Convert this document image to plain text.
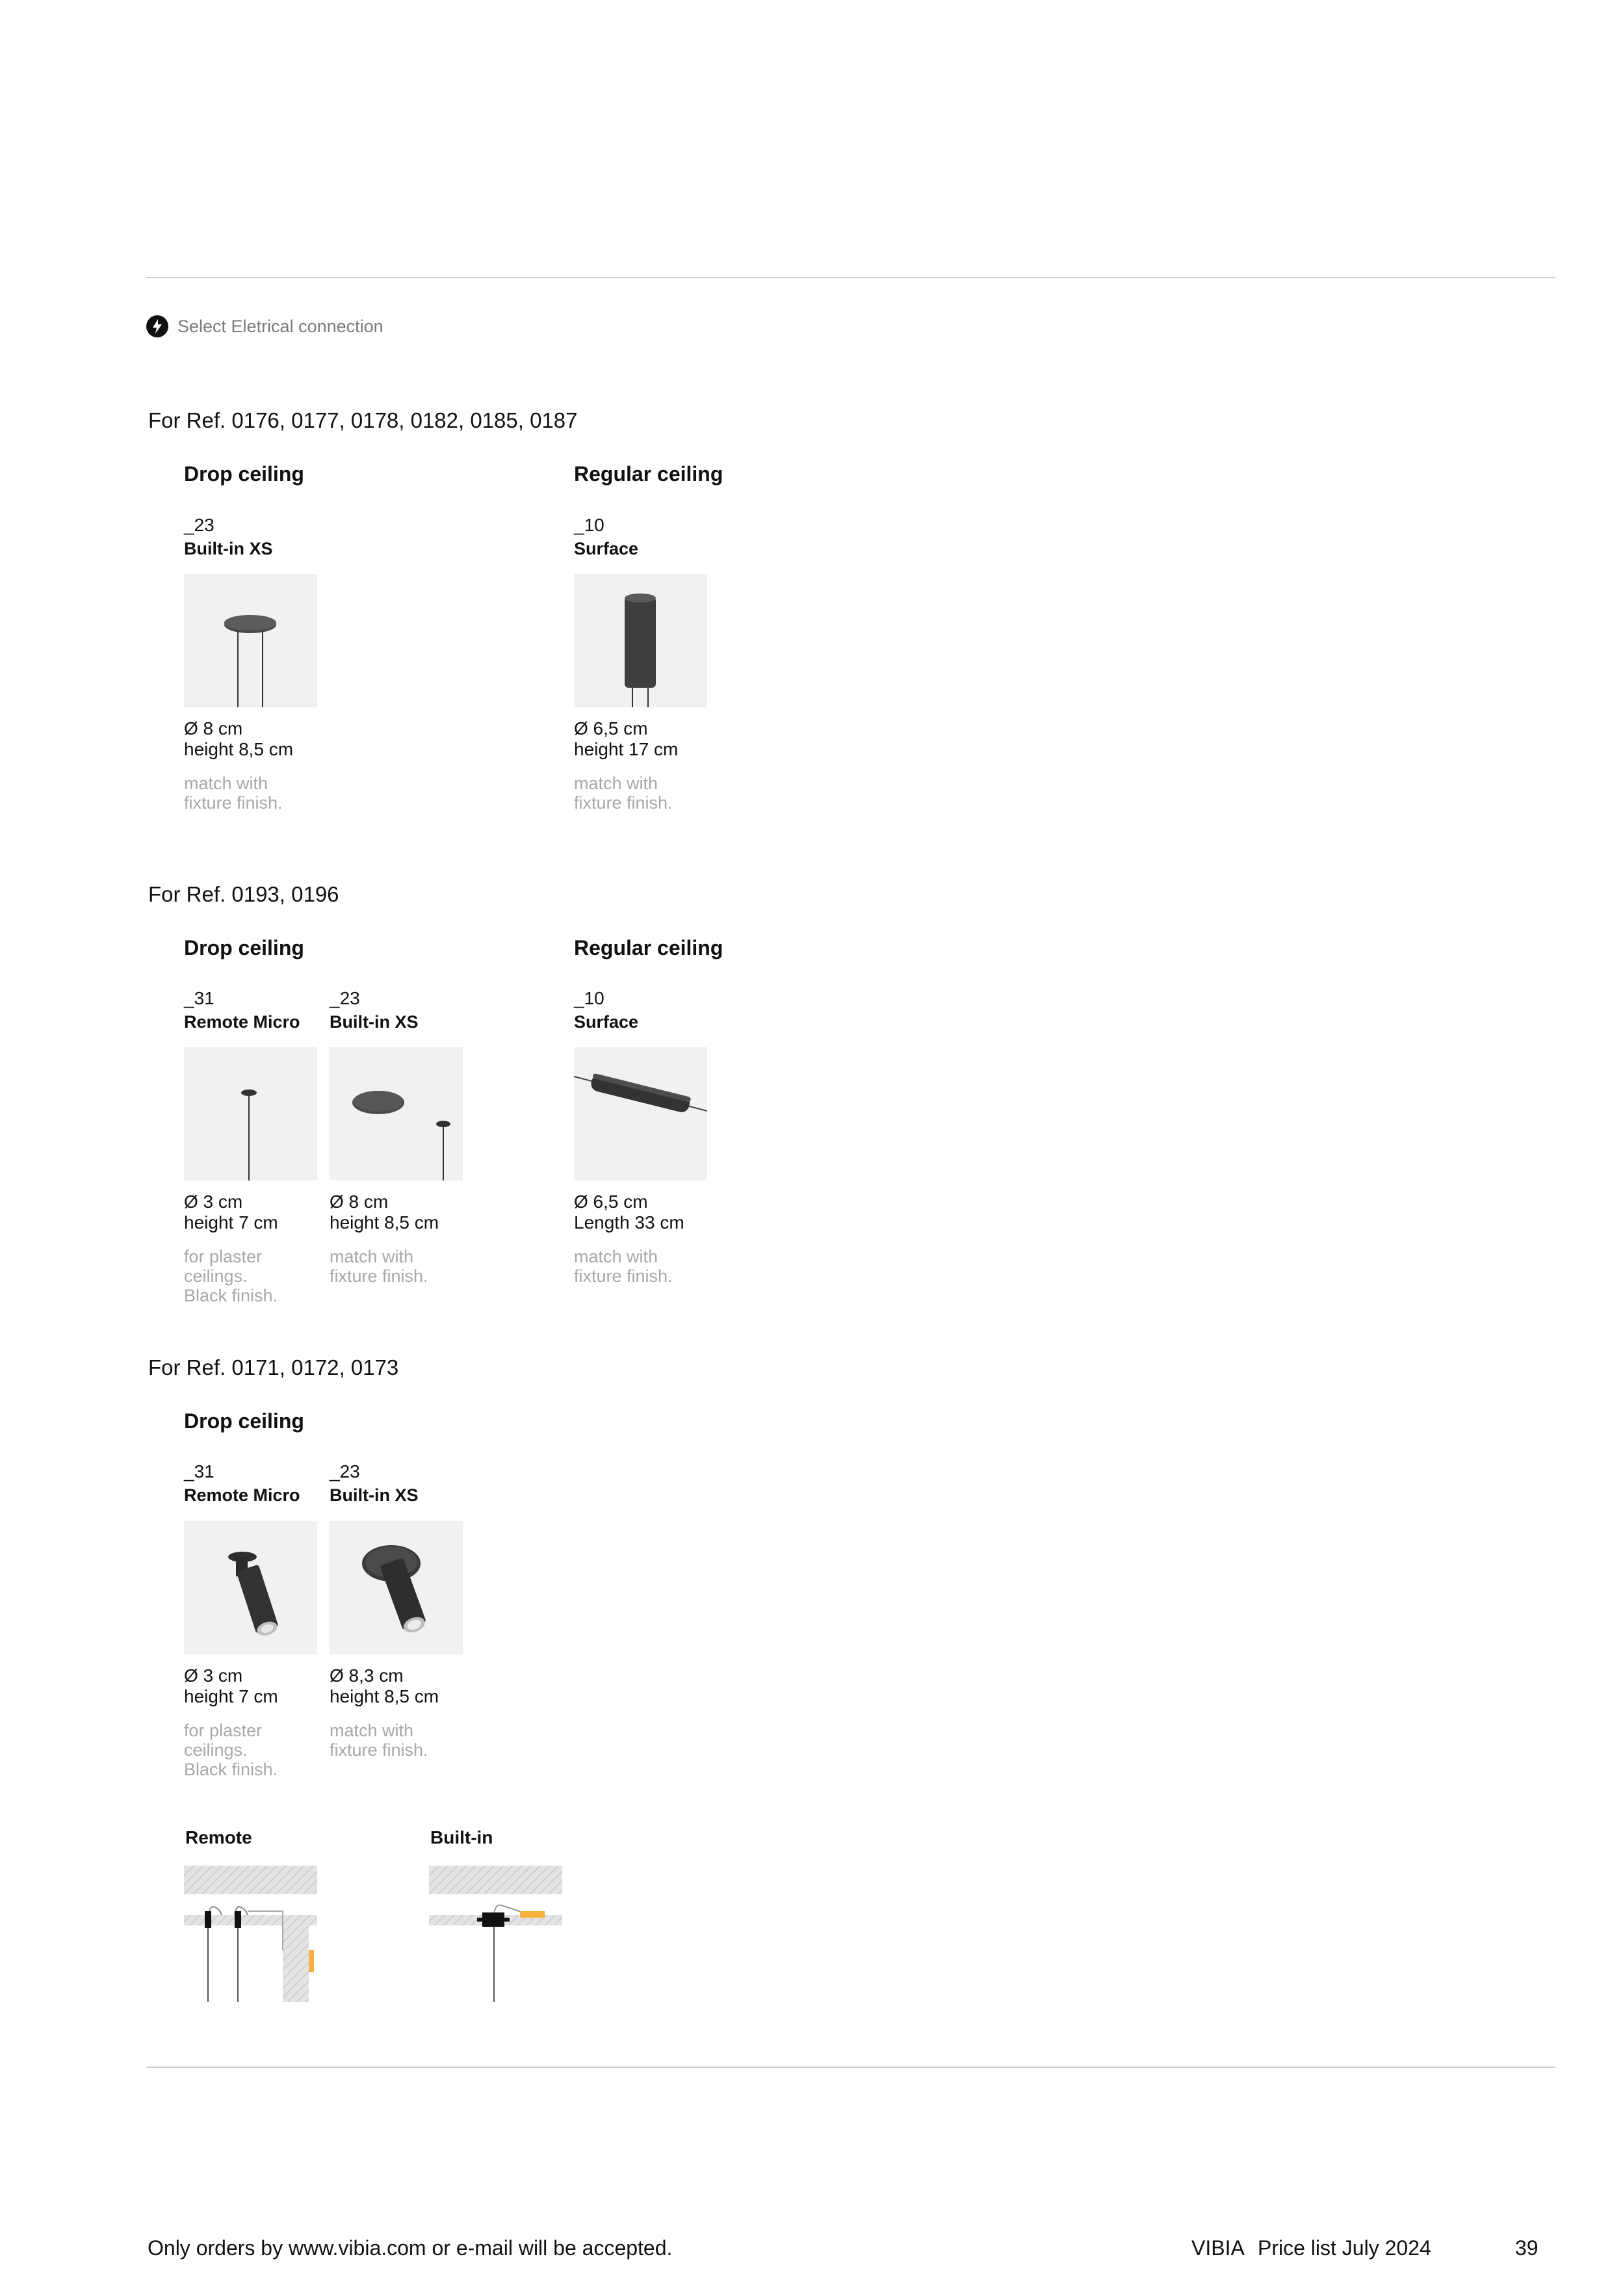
Select Eletrical connection
For Ref. 0176, 0177, 0178, 0182, 0185, 0187
Drop ceiling	Regular ceiling
_23
Built-in XS
Ø 8 cm
height 8,5 cm
match with
fixture finish.
_10
Surface
Ø 6,5 cm
height 17 cm
match with
fixture finish.
For Ref. 0193, 0196
Drop ceiling	Regular ceiling
_31
Remote Micro
Ø 3 cm
height 7 cm
for plaster
ceilings.
Black finish.
_23
Built-in XS
Ø 8 cm
height 8,5 cm
match with
fixture finish.
_10
Surface
Ø 6,5 cm
Length 33 cm
match with
fixture finish.
For Ref. 0171, 0172, 0173
Drop ceiling
_31
Remote Micro
Ø 3 cm
height 7 cm
for plaster
ceilings.
Black finish.
_23
Built-in XS
Ø 8,3 cm
height 8,5 cm
match with
fixture finish.
Remote	Built-in
Only orders by www.vibia.com or e-mail will be accepted.	VIBIA Price list July 2024	39
